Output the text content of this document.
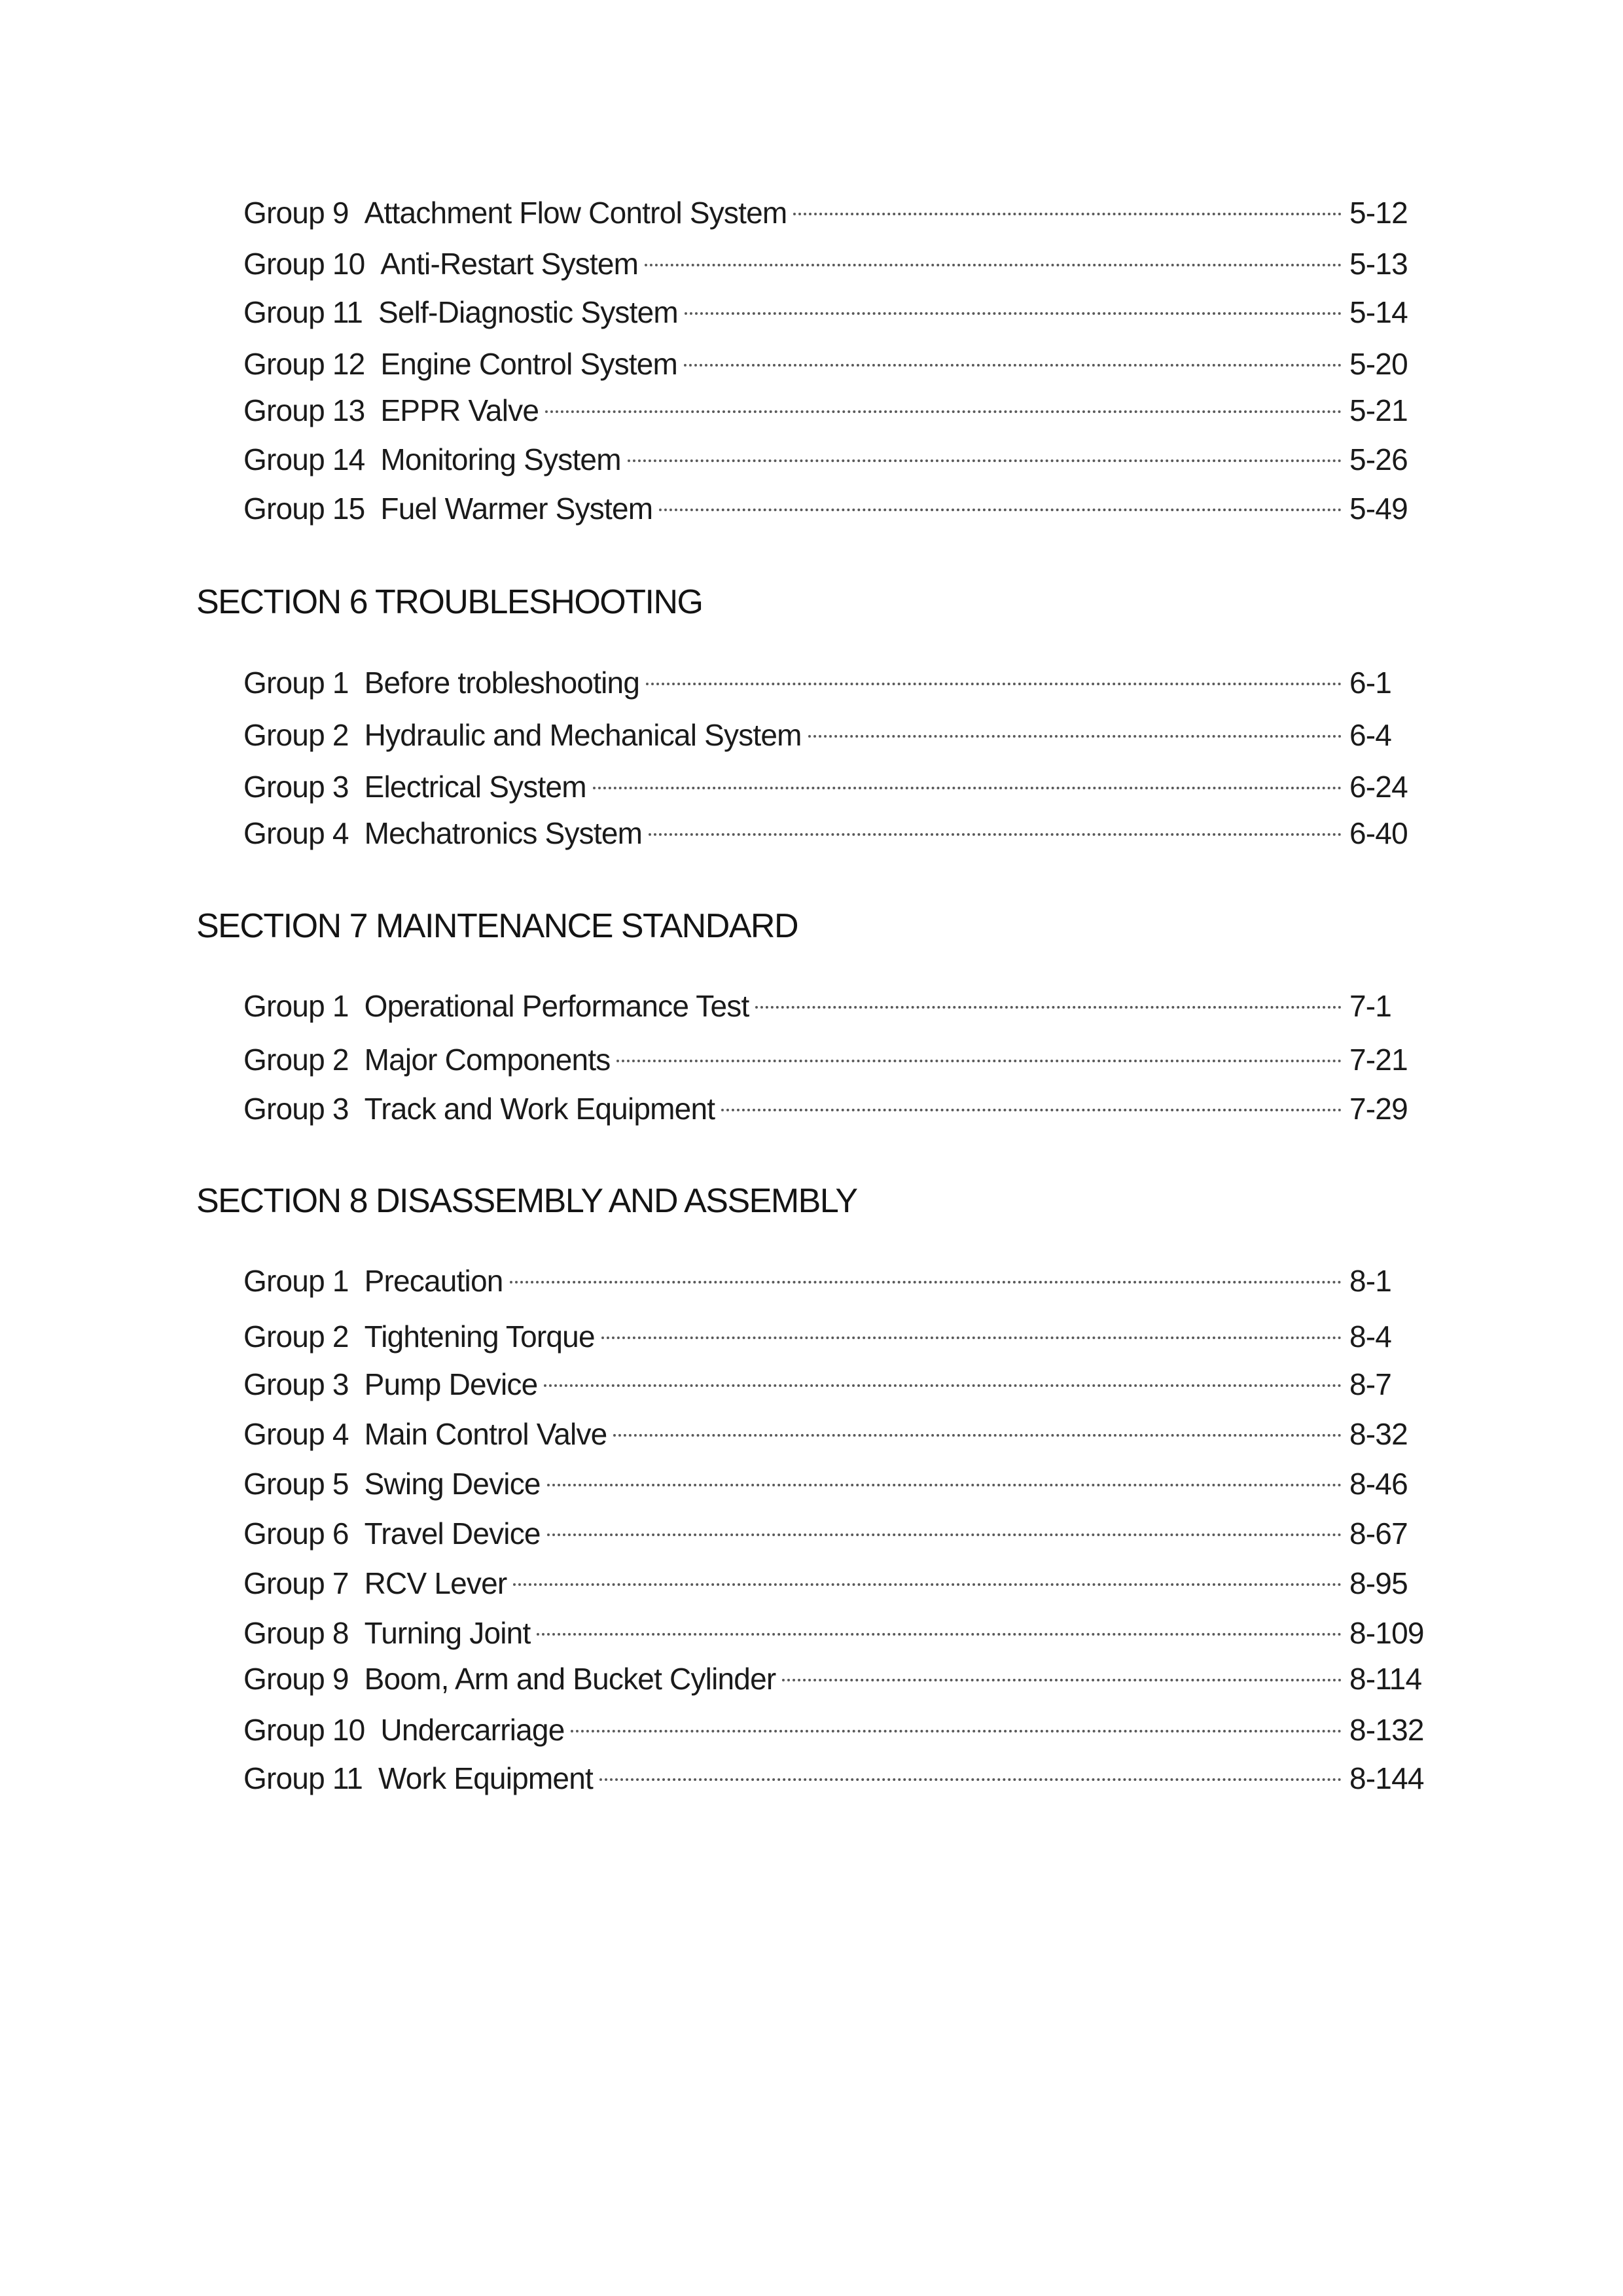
Group 9 Attachment Flow Control System	5-12
Group 10 Anti-Restart System	5-13
Group 11 Self-Diagnostic System	5-14
Group 12 Engine Control System	5-20
Group 13 EPPR Valve	5-21
Group 14 Monitoring System	5-26
Group 15 Fuel Warmer System	5-49
SECTION 6 TROUBLESHOOTING
Group 1 Before trobleshooting	6-1
Group 2 Hydraulic and Mechanical System	6-4
Group 3 Electrical System	6-24
Group 4 Mechatronics System	6-40
SECTION 7 MAINTENANCE STANDARD
Group 1 Operational Performance Test	7-1
Group 2 Major Components	7-21
Group 3 Track and Work Equipment	7-29
SECTION 8 DISASSEMBLY AND ASSEMBLY
Group 1 Precaution	8-1
Group 2 Tightening Torque	8-4
Group 3 Pump Device	8-7
Group 4 Main Control Valve	8-32
Group 5 Swing Device	8-46
Group 6 Travel Device	8-67
Group 7 RCV Lever	8-95
Group 8 Turning Joint	8-109
Group 9 Boom, Arm and Bucket Cylinder	8-114
Group 10 Undercarriage	8-132
Group 11 Work Equipment	8-144
